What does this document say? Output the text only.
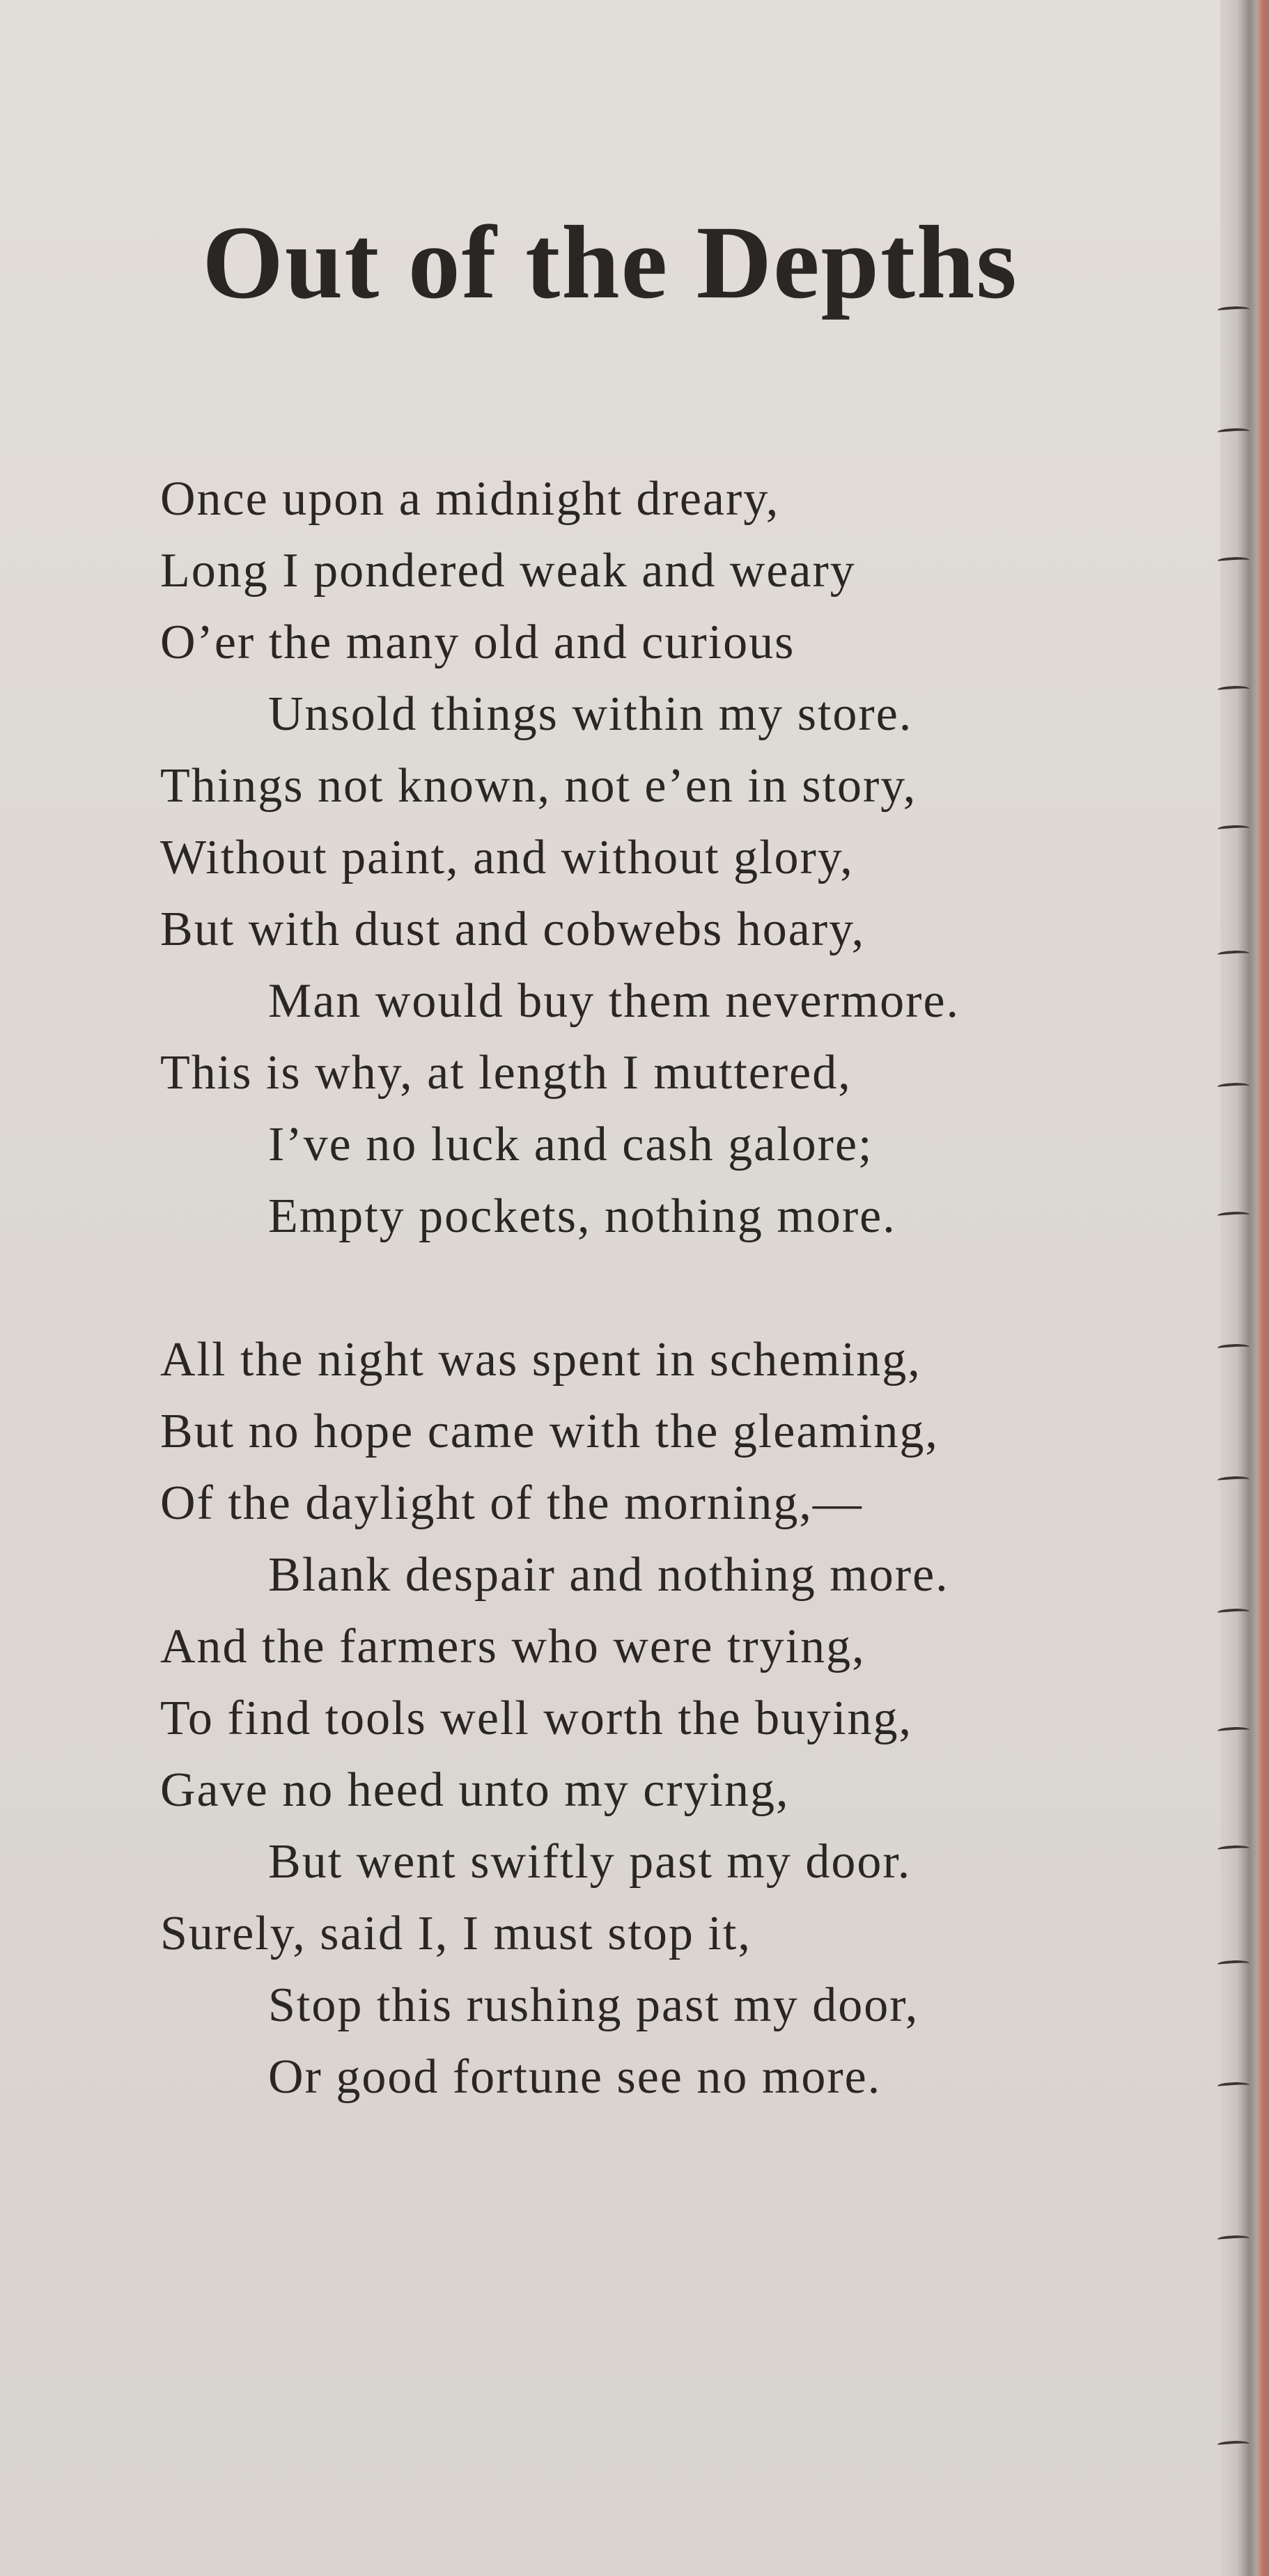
Out of the Depths
Once upon a midnight dreary,
Long I pondered weak and weary
O’er the many old and curious
Unsold things within my store.
Things not known, not e’en in story,
Without paint, and without glory,
But with dust and cobwebs hoary,
Man would buy them nevermore.
This is why, at length I muttered,
I’ve no luck and cash galore;
Empty pockets, nothing more.
All the night was spent in scheming,
But no hope came with the gleaming,
Of the daylight of the morning,—
Blank despair and nothing more.
And the farmers who were trying,
To find tools well worth the buying,
Gave no heed unto my crying,
But went swiftly past my door.
Surely, said I, I must stop it,
Stop this rushing past my door,
Or good fortune see no more.
